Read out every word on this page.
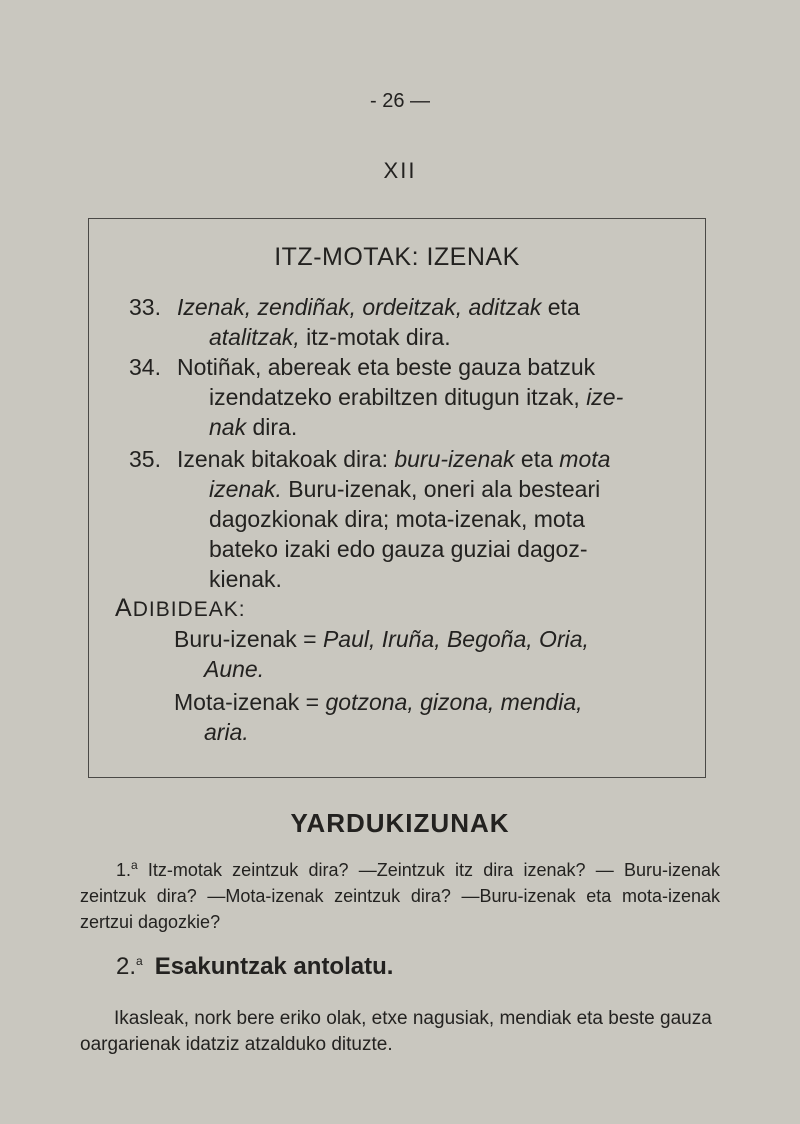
- 26 —
XII
ITZ-MOTAK: IZENAK
33. Izenak, zendiñak, ordeitzak, aditzak eta
atalitzak, itz-motak dira.
34. Notiñak, abereak eta beste gauza batzuk
izendatzeko erabiltzen ditugun itzak, ize-
nak dira.
35. Izenak bitakoak dira: buru-izenak eta mota
izenak. Buru-izenak, oneri ala besteari
dagozkionak dira; mota-izenak, mota
bateko izaki edo gauza guziai dagoz-
kienak.
ADIBIDEAK:
Buru-izenak = Paul, Iruña, Begoña, Oria,
Aune.
Mota-izenak = gotzona, gizona, mendia,
aria.
YARDUKIZUNAK
1.$^a$ Itz-motak zeintzuk dira? —Zeintzuk itz dira izenak? — Buru-izenak zeintzuk dira? —Mota-izenak zeintzuk dira? —Buru-izenak eta mota-izenak zertzui dagozkie?
2.$^a$ Esakuntzak antolatu.
Ikasleak, nork bere eriko olak, etxe nagusiak, mendiak eta beste gauza oargarienak idatziz atzalduko dituzte.
